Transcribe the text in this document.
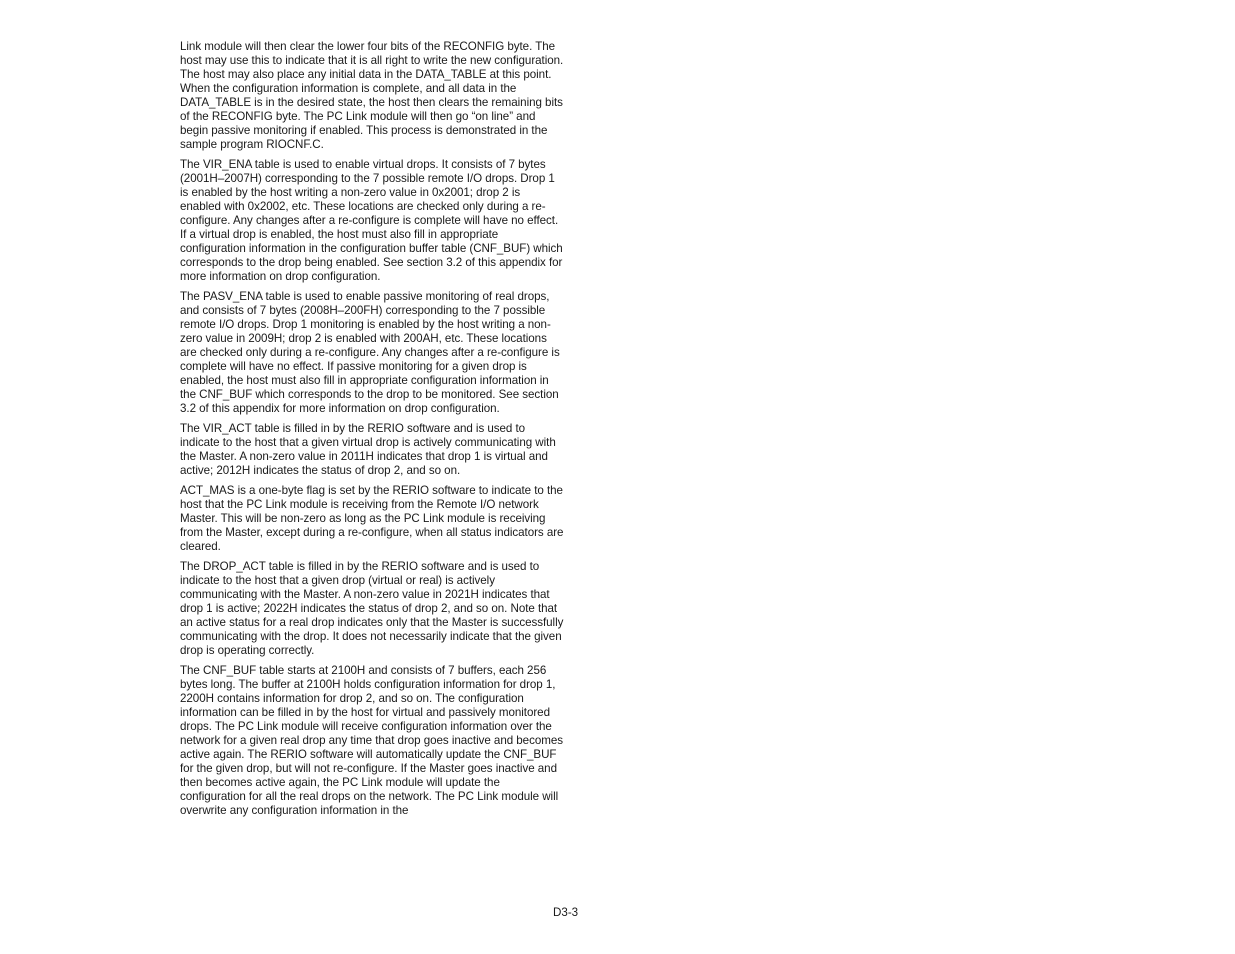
Link module will then clear the lower four bits of the RECONFIG byte. The host may use this to indicate that it is all right to write the new configuration. The host may also place any initial data in the DATA_TABLE at this point. When the configuration information is complete, and all data in the DATA_TABLE is in the desired state, the host then clears the remaining bits of the RECONFIG byte. The PC Link module will then go “on line” and begin passive monitoring if enabled. This process is demonstrated in the sample program RIOCNF.C.

The VIR_ENA table is used to enable virtual drops. It consists of 7 bytes (2001H–2007H) corresponding to the 7 possible remote I/O drops. Drop 1 is enabled by the host writing a non-zero value in 0x2001; drop 2 is enabled with 0x2002, etc. These locations are checked only during a re-configure. Any changes after a re-configure is complete will have no effect. If a virtual drop is enabled, the host must also fill in appropriate configuration information in the configuration buffer table (CNF_BUF) which corresponds to the drop being enabled. See section 3.2 of this appendix for more information on drop configuration.

The PASV_ENA table is used to enable passive monitoring of real drops, and consists of 7 bytes (2008H–200FH) corresponding to the 7 possible remote I/O drops. Drop 1 monitoring is enabled by the host writing a non-zero value in 2009H; drop 2 is enabled with 200AH, etc. These locations are checked only during a re-configure. Any changes after a re-configure is complete will have no effect. If passive monitoring for a given drop is enabled, the host must also fill in appropriate configuration information in the CNF_BUF which corresponds to the drop to be monitored. See section 3.2 of this appendix for more information on drop configuration.

The VIR_ACT table is filled in by the RERIO software and is used to indicate to the host that a given virtual drop is actively communicating with the Master. A non-zero value in 2011H indicates that drop 1 is virtual and active; 2012H indicates the status of drop 2, and so on.

ACT_MAS is a one-byte flag is set by the RERIO software to indicate to the host that the PC Link module is receiving from the Remote I/O network Master. This will be non-zero as long as the PC Link module is receiving from the Master, except during a re-configure, when all status indicators are cleared.

The DROP_ACT table is filled in by the RERIO software and is used to indicate to the host that a given drop (virtual or real) is actively communicating with the Master. A non-zero value in 2021H indicates that drop 1 is active; 2022H indicates the status of drop 2, and so on. Note that an active status for a real drop indicates only that the Master is successfully communicating with the drop. It does not necessarily indicate that the given drop is operating correctly.

The CNF_BUF table starts at 2100H and consists of 7 buffers, each 256 bytes long. The buffer at 2100H holds configuration information for drop 1, 2200H contains information for drop 2, and so on. The configuration information can be filled in by the host for virtual and passively monitored drops. The PC Link module will receive configuration information over the network for a given real drop any time that drop goes inactive and becomes active again. The RERIO software will automatically update the CNF_BUF for the given drop, but will not re-configure. If the Master goes inactive and then becomes active again, the PC Link module will update the configuration for all the real drops on the network. The PC Link module will overwrite any configuration information in the

D3-3
